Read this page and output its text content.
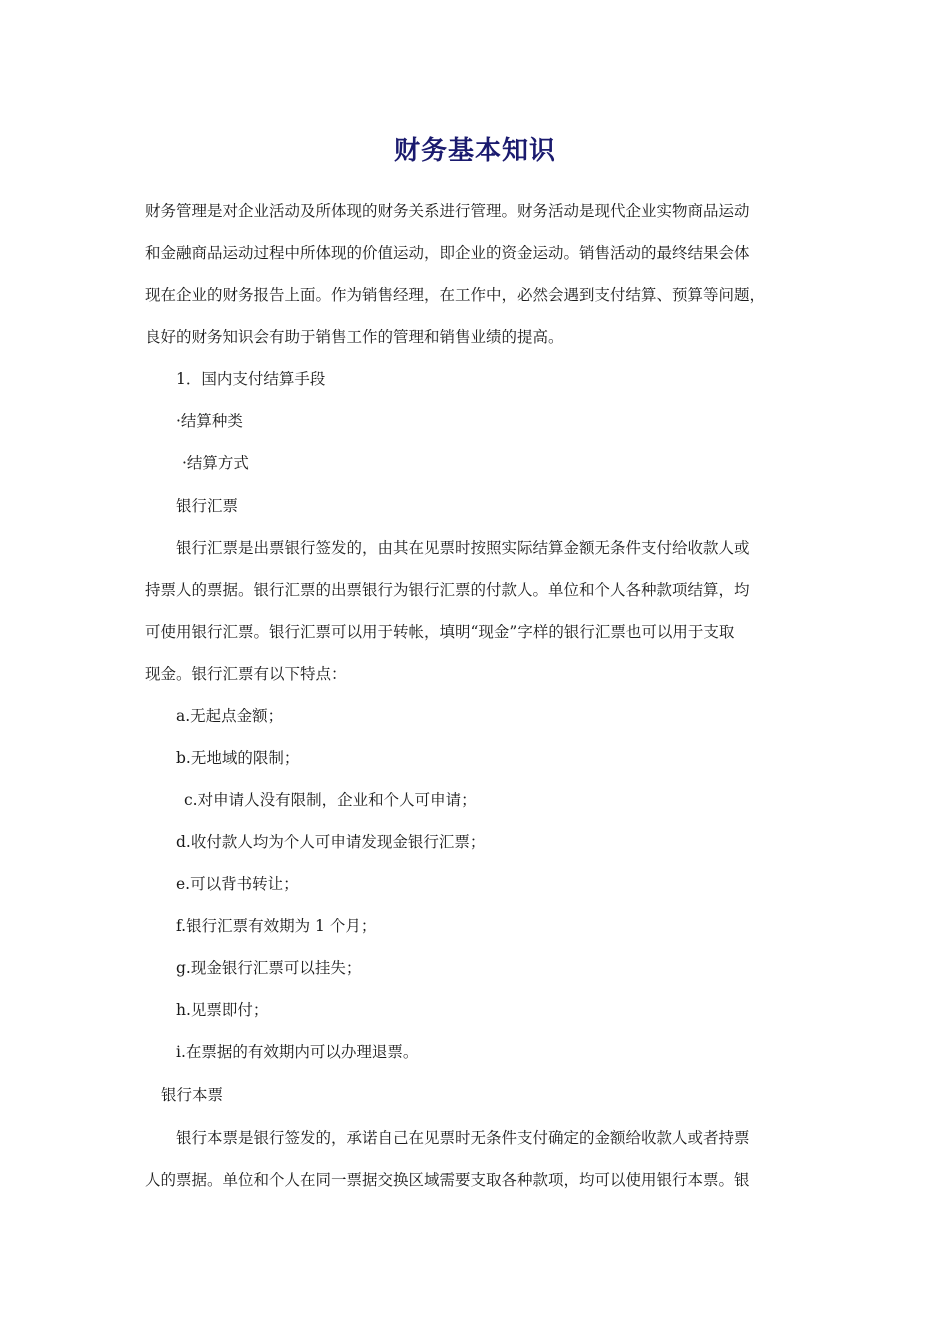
财务基本知识
财务管理是对企业活动及所体现的财务关系进行管理。财务活动是现代企业实物商品运动
和金融商品运动过程中所体现的价值运动，即企业的资金运动。销售活动的最终结果会体
现在企业的财务报告上面。作为销售经理，在工作中，必然会遇到支付结算、预算等问题，
良好的财务知识会有助于销售工作的管理和销售业绩的提高。
1．国内支付结算手段
·结算种类
·结算方式
银行汇票
银行汇票是出票银行签发的，由其在见票时按照实际结算金额无条件支付给收款人或
持票人的票据。银行汇票的出票银行为银行汇票的付款人。单位和个人各种款项结算，均
可使用银行汇票。银行汇票可以用于转帐，填明“现金”字样的银行汇票也可以用于支取
现金。银行汇票有以下特点：
a.无起点金额；
b.无地域的限制；
c.对申请人没有限制，企业和个人可申请；
d.收付款人均为个人可申请发现金银行汇票；
e.可以背书转让；
f.银行汇票有效期为 1 个月；
g.现金银行汇票可以挂失；
h.见票即付；
i.在票据的有效期内可以办理退票。
银行本票
银行本票是银行签发的，承诺自己在见票时无条件支付确定的金额给收款人或者持票
人的票据。单位和个人在同一票据交换区域需要支取各种款项，均可以使用银行本票。银
